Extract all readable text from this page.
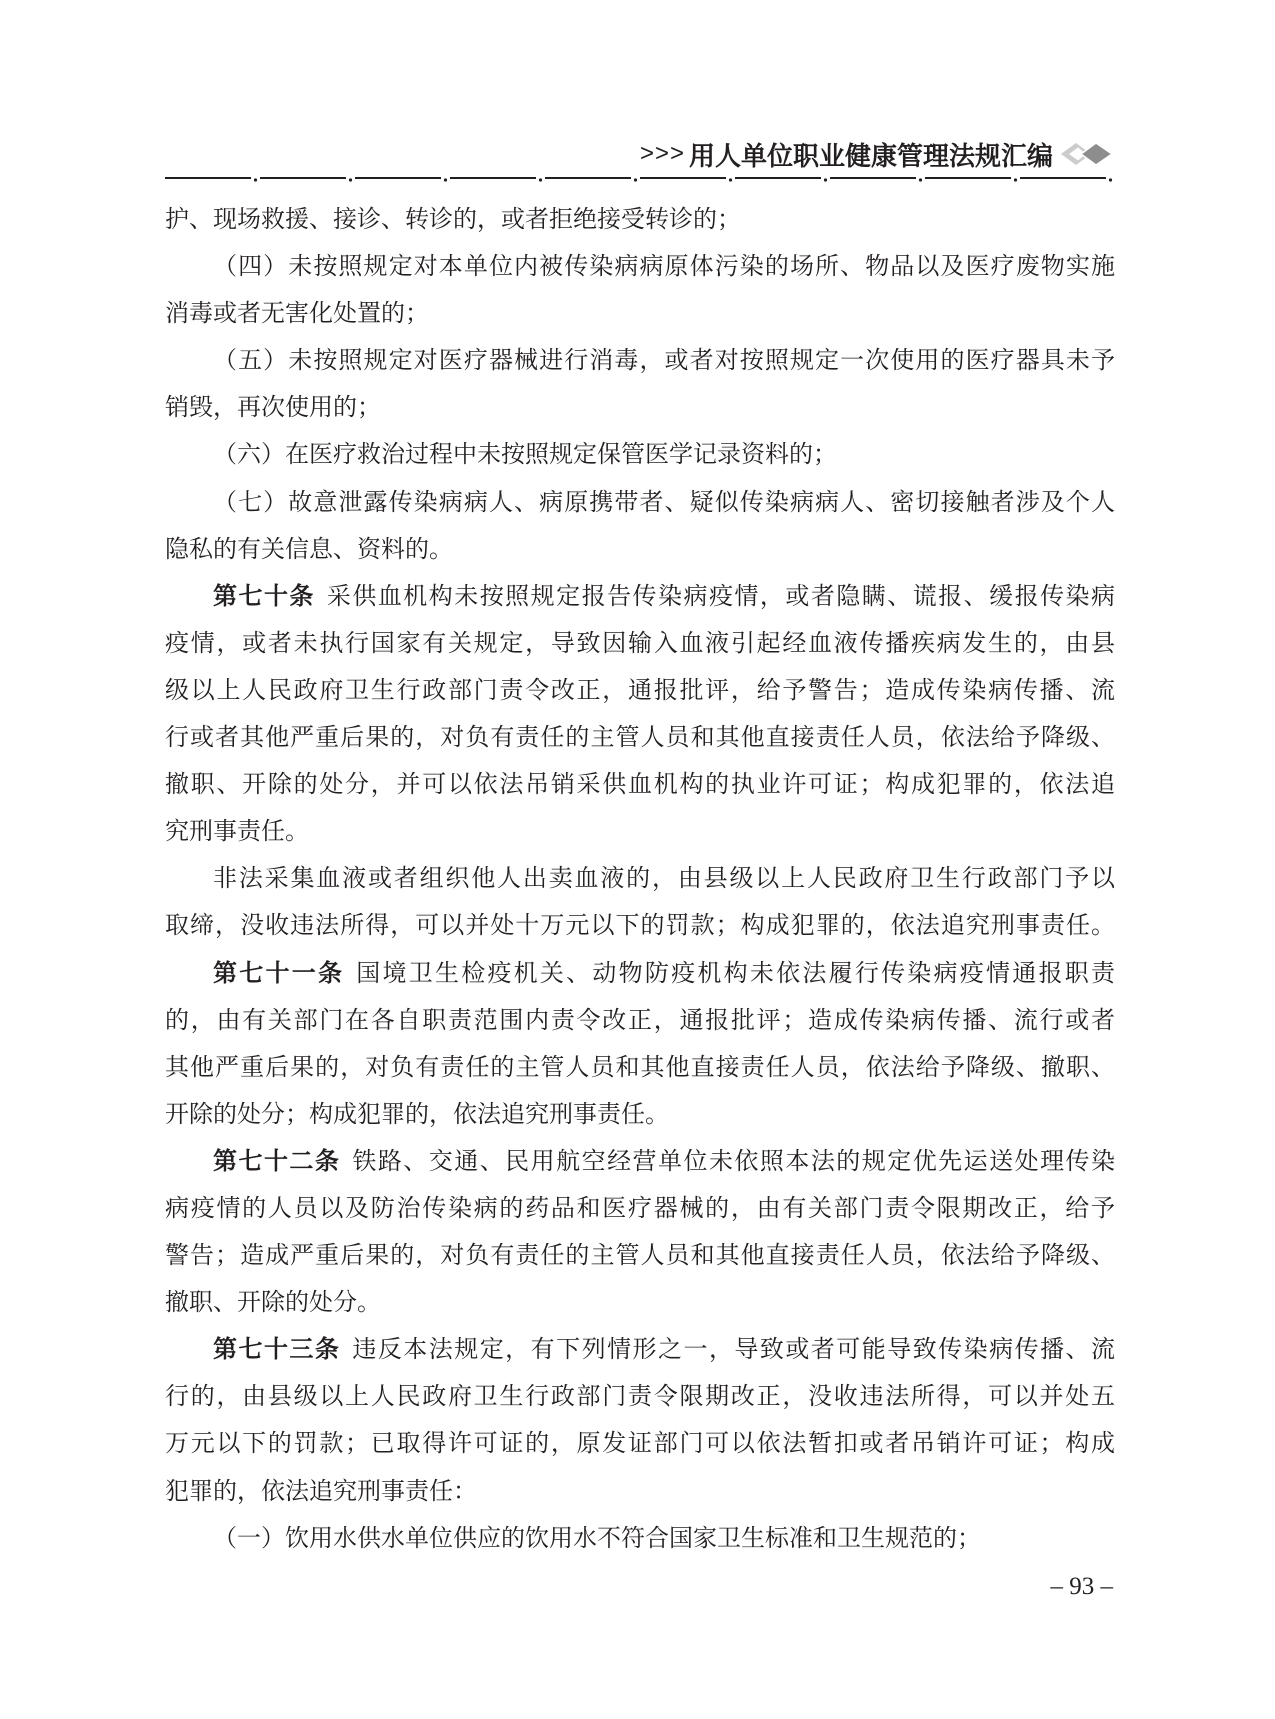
>>> 用人单位职业健康管理法规汇编
护、现场救援、接诊、转诊的，或者拒绝接受转诊的；
（四）未按照规定对本单位内被传染病病原体污染的场所、物品以及医疗废物实施
消毒或者无害化处置的；
（五）未按照规定对医疗器械进行消毒，或者对按照规定一次使用的医疗器具未予
销毁，再次使用的；
（六）在医疗救治过程中未按照规定保管医学记录资料的；
（七）故意泄露传染病病人、病原携带者、疑似传染病病人、密切接触者涉及个人
隐私的有关信息、资料的。
第七十条 采供血机构未按照规定报告传染病疫情，或者隐瞒、谎报、缓报传染病
疫情，或者未执行国家有关规定，导致因输入血液引起经血液传播疾病发生的，由县
级以上人民政府卫生行政部门责令改正，通报批评，给予警告；造成传染病传播、流
行或者其他严重后果的，对负有责任的主管人员和其他直接责任人员，依法给予降级、
撤职、开除的处分，并可以依法吊销采供血机构的执业许可证；构成犯罪的，依法追
究刑事责任。
非法采集血液或者组织他人出卖血液的，由县级以上人民政府卫生行政部门予以
取缔，没收违法所得，可以并处十万元以下的罚款；构成犯罪的，依法追究刑事责任。
第七十一条 国境卫生检疫机关、动物防疫机构未依法履行传染病疫情通报职责
的，由有关部门在各自职责范围内责令改正，通报批评；造成传染病传播、流行或者
其他严重后果的，对负有责任的主管人员和其他直接责任人员，依法给予降级、撤职、
开除的处分；构成犯罪的，依法追究刑事责任。
第七十二条 铁路、交通、民用航空经营单位未依照本法的规定优先运送处理传染
病疫情的人员以及防治传染病的药品和医疗器械的，由有关部门责令限期改正，给予
警告；造成严重后果的，对负有责任的主管人员和其他直接责任人员，依法给予降级、
撤职、开除的处分。
第七十三条 违反本法规定，有下列情形之一，导致或者可能导致传染病传播、流
行的，由县级以上人民政府卫生行政部门责令限期改正，没收违法所得，可以并处五
万元以下的罚款；已取得许可证的，原发证部门可以依法暂扣或者吊销许可证；构成
犯罪的，依法追究刑事责任：
（一）饮用水供水单位供应的饮用水不符合国家卫生标准和卫生规范的；
– 93 –
